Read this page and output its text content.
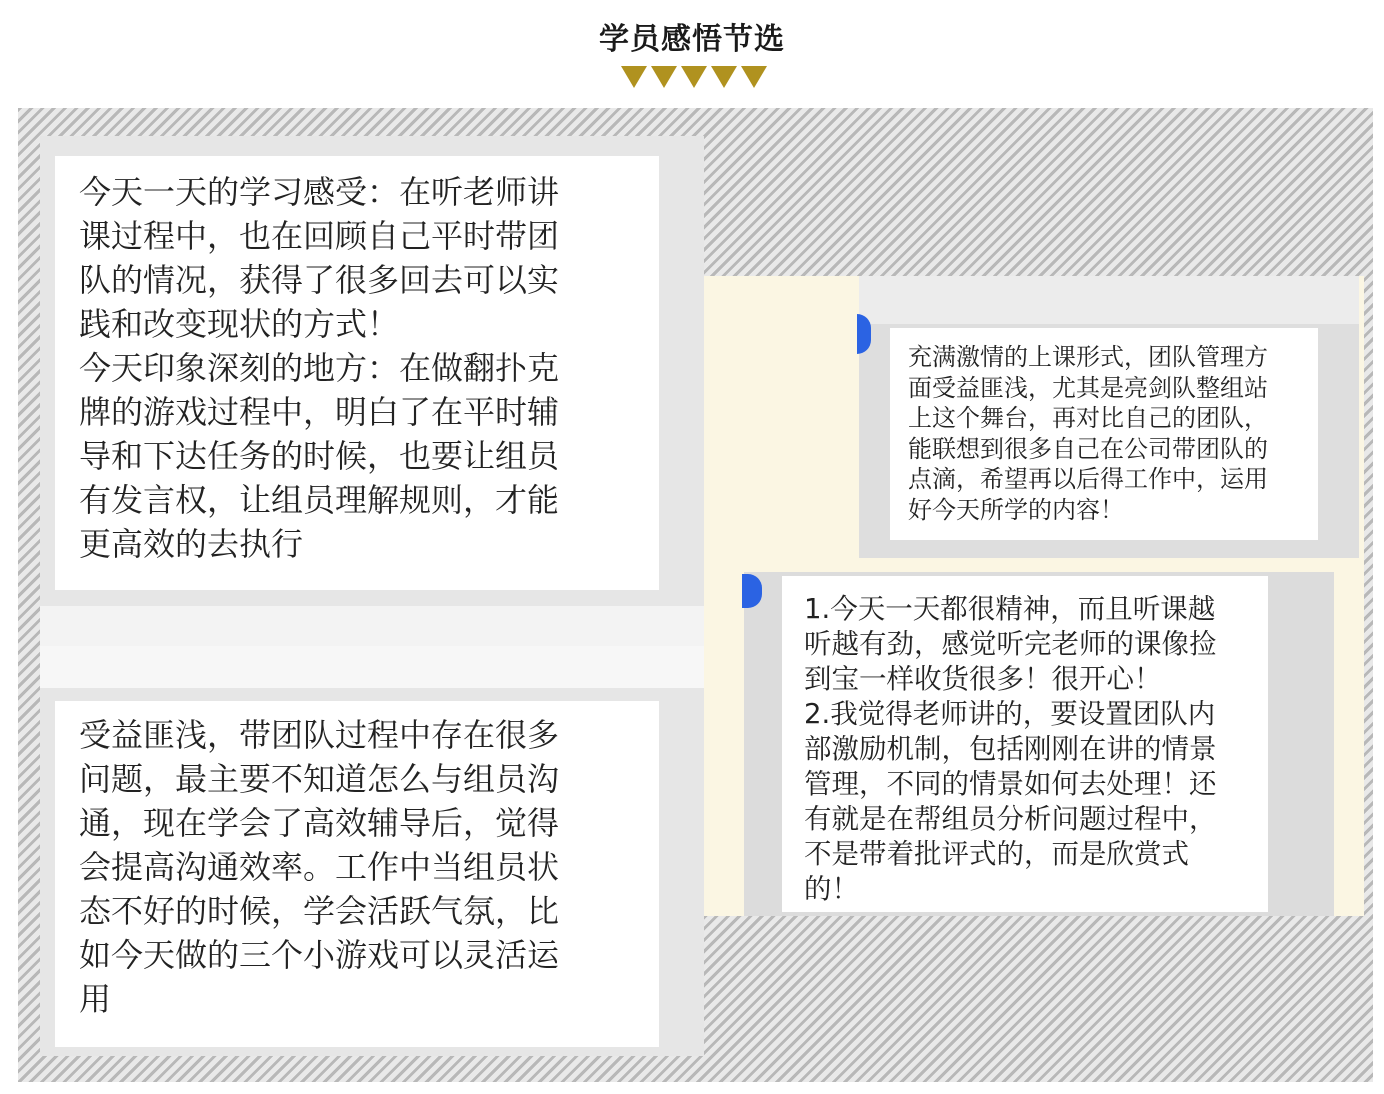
学员感悟节选

今天一天的学习感受：在听老师讲
课过程中，也在回顾自己平时带团
队的情况，获得了很多回去可以实
践和改变现状的方式！
今天印象深刻的地方：在做翻扑克
牌的游戏过程中，明白了在平时辅
导和下达任务的时候，也要让组员
有发言权，让组员理解规则，才能
更高效的去执行

受益匪浅，带团队过程中存在很多
问题，最主要不知道怎么与组员沟
通，现在学会了高效辅导后，觉得
会提高沟通效率。工作中当组员状
态不好的时候，学会活跃气氛，比
如今天做的三个小游戏可以灵活运
用

充满激情的上课形式，团队管理方
面受益匪浅，尤其是亮剑队整组站
上这个舞台，再对比自己的团队，
能联想到很多自己在公司带团队的
点滴，希望再以后得工作中，运用
好今天所学的内容！

1.今天一天都很精神，而且听课越
听越有劲，感觉听完老师的课像捡
到宝一样收货很多！很开心！
2.我觉得老师讲的，要设置团队内
部激励机制，包括刚刚在讲的情景
管理，不同的情景如何去处理！还
有就是在帮组员分析问题过程中，
不是带着批评式的，而是欣赏式
的！
